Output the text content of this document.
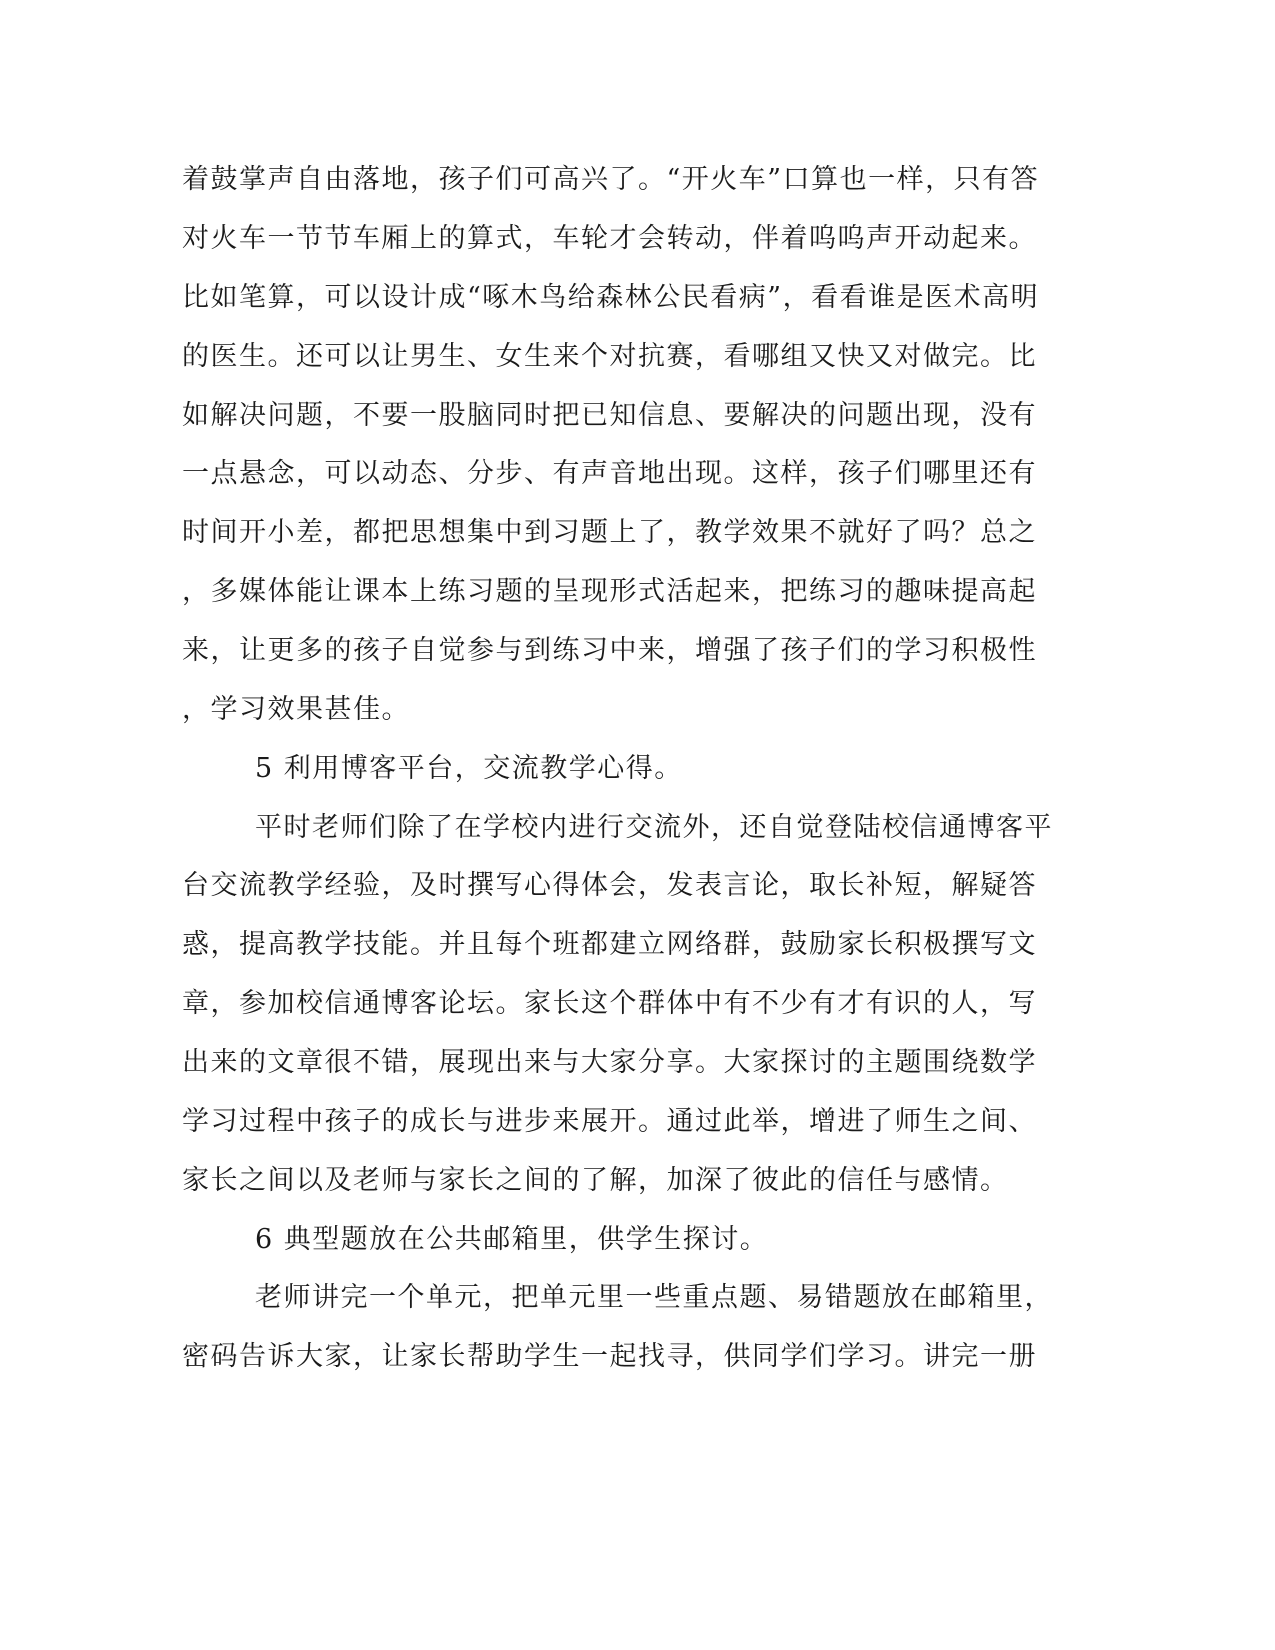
着鼓掌声自由落地，孩子们可高兴了。“开火车”口算也一样，只有答
对火车一节节车厢上的算式，车轮才会转动，伴着呜呜声开动起来。
比如笔算，可以设计成“啄木鸟给森林公民看病”，看看谁是医术高明
的医生。还可以让男生、女生来个对抗赛，看哪组又快又对做完。比
如解决问题，不要一股脑同时把已知信息、要解决的问题出现，没有
一点悬念，可以动态、分步、有声音地出现。这样，孩子们哪里还有
时间开小差，都把思想集中到习题上了，教学效果不就好了吗？总之
，多媒体能让课本上练习题的呈现形式活起来，把练习的趣味提高起
来，让更多的孩子自觉参与到练习中来，增强了孩子们的学习积极性
，学习效果甚佳。
5 利用博客平台，交流教学心得。
平时老师们除了在学校内进行交流外，还自觉登陆校信通博客平
台交流教学经验，及时撰写心得体会，发表言论，取长补短，解疑答
惑，提高教学技能。并且每个班都建立网络群，鼓励家长积极撰写文
章，参加校信通博客论坛。家长这个群体中有不少有才有识的人，写
出来的文章很不错，展现出来与大家分享。大家探讨的主题围绕数学
学习过程中孩子的成长与进步来展开。通过此举，增进了师生之间、
家长之间以及老师与家长之间的了解，加深了彼此的信任与感情。
6 典型题放在公共邮箱里，供学生探讨。
老师讲完一个单元，把单元里一些重点题、易错题放在邮箱里，
密码告诉大家，让家长帮助学生一起找寻，供同学们学习。讲完一册
